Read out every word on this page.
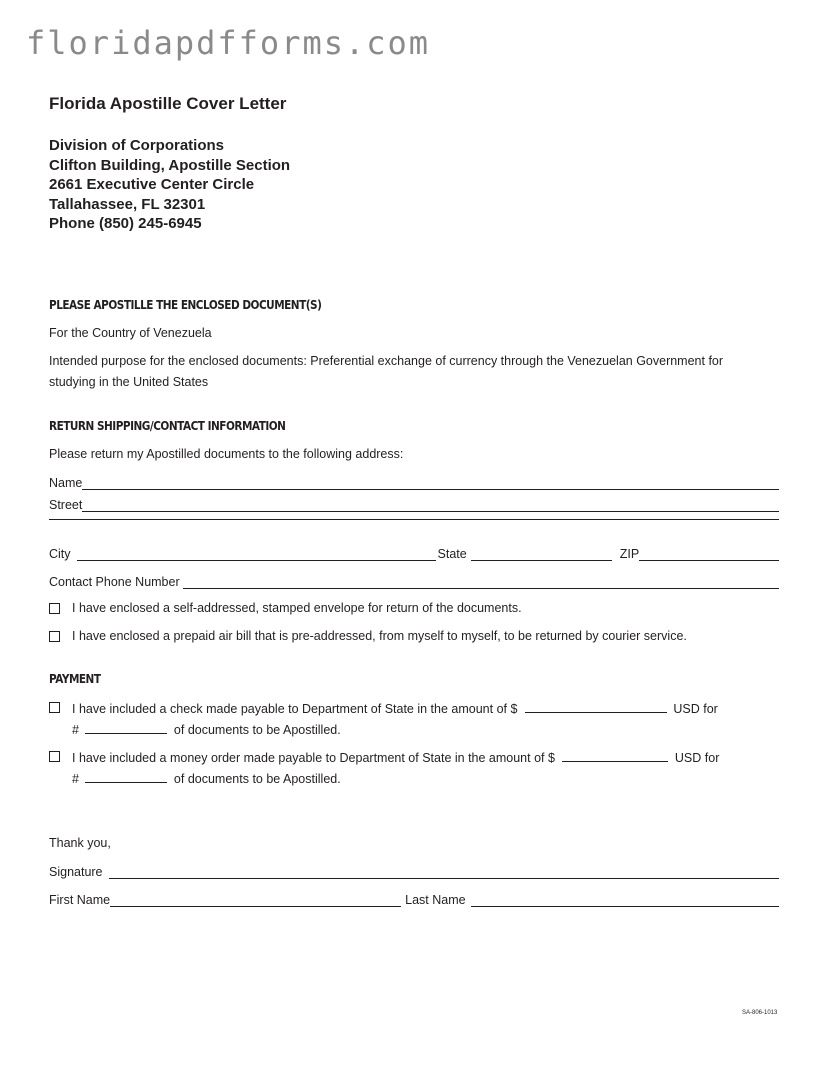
floridapdfforms.com
Florida Apostille Cover Letter
Division of Corporations
Clifton Building, Apostille Section
2661 Executive Center Circle
Tallahassee, FL 32301
Phone (850) 245-6945
PLEASE APOSTILLE THE ENCLOSED DOCUMENT(S)
For the Country of Venezuela
Intended purpose for the enclosed documents: Preferential exchange of currency through the Venezuelan Government for
studying in the United States
RETURN SHIPPING/CONTACT INFORMATION
Please return my Apostilled documents to the following address:
Name
Street
City	State	ZIP
Contact Phone Number
I have enclosed a self-addressed, stamped envelope for return of the documents.
I have enclosed a prepaid air bill that is pre-addressed, from myself to myself, to be returned by courier service.
PAYMENT
I have included a check made payable to Department of State in the amount of $	USD for
#	of documents to be Apostilled.
I have included a money order made payable to Department of State in the amount of $	USD for
#	of documents to be Apostilled.
Thank you,
Signature
First Name	Last Name
SA-806-1013
